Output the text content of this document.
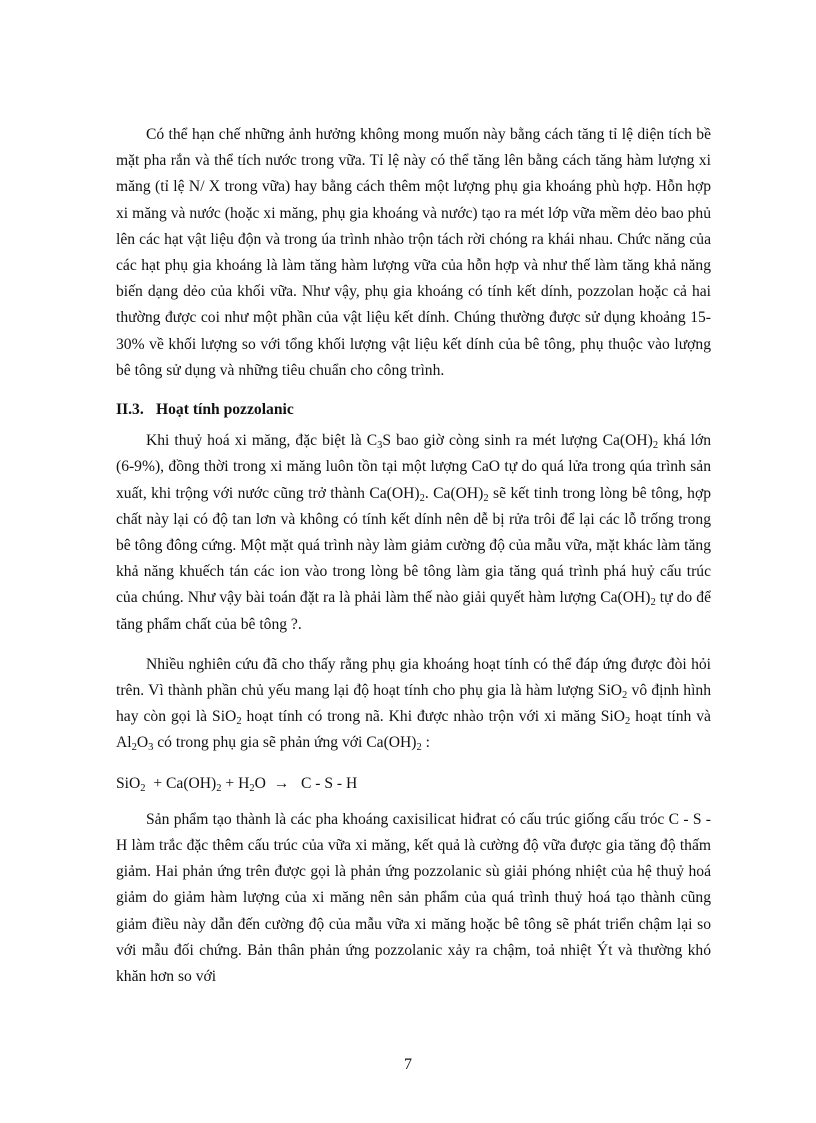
Có thể hạn chế những ảnh hưởng không mong muốn này bằng cách tăng tỉ lệ diện tích bề mặt pha rắn và thể tích nước trong vữa. Tỉ lệ này có thể tăng lên bằng cách tăng hàm lượng xi măng (tỉ lệ N/ X trong vữa) hay bằng cách thêm một lượng phụ gia khoáng phù hợp. Hỗn hợp xi măng và nước (hoặc xi măng, phụ gia khoáng và nước) tạo ra mét lớp vữa mềm dẻo bao phủ lên các hạt vật liệu độn và trong úa trình nhào trộn tách rời chóng ra khái nhau. Chức năng của các hạt phụ gia khoáng là làm tăng hàm lượng vữa của hỗn hợp và như thế làm tăng khả năng biến dạng dẻo của khối vữa. Như vậy, phụ gia khoáng có tính kết dính, pozzolan hoặc cả hai thường được coi như một phần của vật liệu kết dính. Chúng thường được sử dụng khoảng 15-30% về khối lượng so với tổng khối lượng vật liệu kết dính của bê tông, phụ thuộc vào lượng bê tông sử dụng và những tiêu chuẩn cho công trình.

II.3. Hoạt tính pozzolanic

Khi thuỷ hoá xi măng, đặc biệt là $C_3S$ bao giờ còng sinh ra mét lượng $Ca(OH)_2$ khá lớn (6-9%), đồng thời trong xi măng luôn tồn tại một lượng CaO tự do quá lửa trong qúa trình sản xuất, khi trộng với nước cũng trở thành $Ca(OH)_2$. $Ca(OH)_2$ sẽ kết tinh trong lòng bê tông, hợp chất này lại có độ tan lơn và không có tính kết dính nên dễ bị rửa trôi để lại các lỗ trống trong bê tông đông cứng. Một mặt quá trình này làm giảm cường độ của mẫu vữa, mặt khác làm tăng khả năng khuếch tán các ion vào trong lòng bê tông làm gia tăng quá trình phá huỷ cấu trúc của chúng. Như vậy bài toán đặt ra là phải làm thế nào giải quyết hàm lượng $Ca(OH)_2$ tự do để tăng phẩm chất của bê tông ?.

Nhiều nghiên cứu đã cho thấy rằng phụ gia khoáng hoạt tính có thể đáp ứng được đòi hỏi trên. Vì thành phần chủ yếu mang lại độ hoạt tính cho phụ gia là hàm lượng SiO$_2$ vô định hình hay còn gọi là SiO$_2$ hoạt tính có trong nã. Khi được nhào trộn với xi măng SiO$_2$ hoạt tính và $Al_2O_3$ có trong phụ gia sẽ phản ứng với $Ca(OH)_2$ :

$SiO_2 + Ca(OH)_2 + H_2O \to C - S - H$

Sản phẩm tạo thành là các pha khoáng caxisilicat hiđrat có cấu trúc giống cấu tróc C - S - H làm trắc đặc thêm cấu trúc của vữa xi măng, kết quả là cường độ vữa được gia tăng độ thấm giảm. Hai phản ứng trên được gọi là phản ứng pozzolanic sù giải phóng nhiệt của hệ thuỷ hoá giảm do giảm hàm lượng của xi măng nên sản phẩm của quá trình thuỷ hoá tạo thành cũng giảm điều này dẫn đến cường độ của mẫu vữa xi măng hoặc bê tông sẽ phát triển chậm lại so với mẫu đối chứng. Bản thân phản ứng pozzolanic xảy ra chậm, toả nhiệt Ýt và thường khó khăn hơn so với

7
